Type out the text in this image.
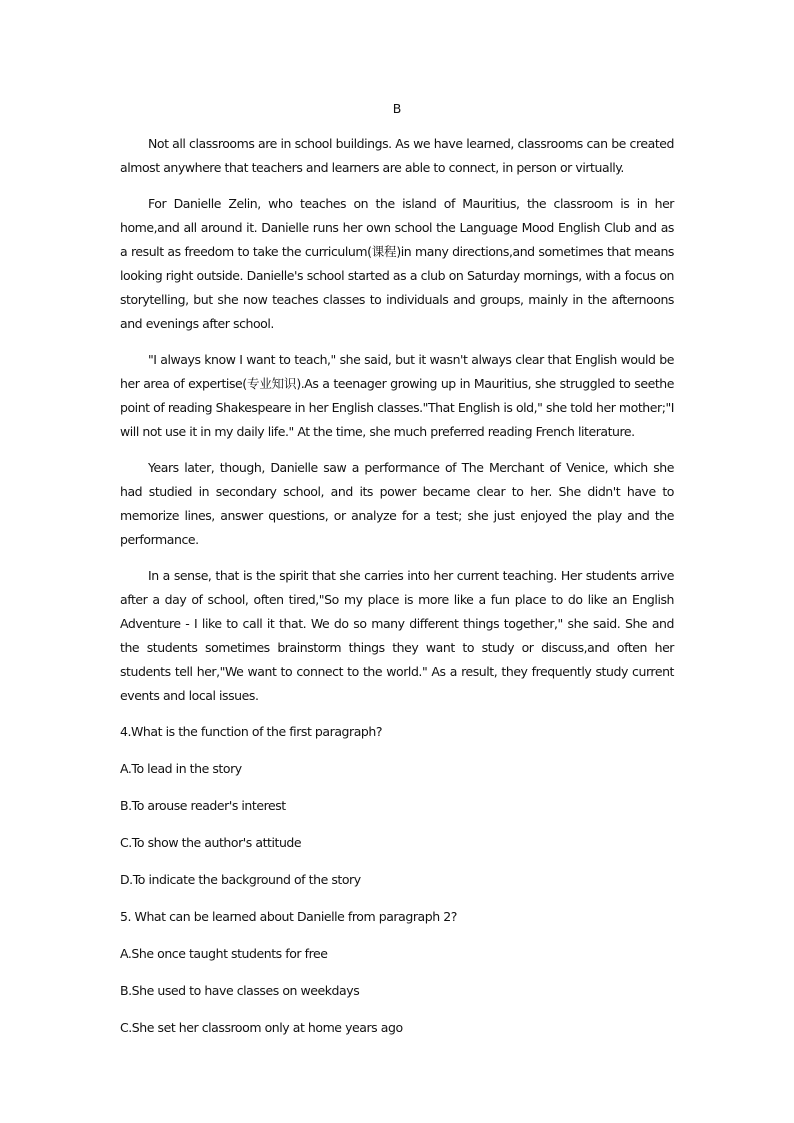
B

Not all classrooms are in school buildings. As we have learned, classrooms can be created almost anywhere that teachers and learners are able to connect, in person or virtually.

For Danielle Zelin, who teaches on the island of Mauritius, the classroom is in her home,and all around it. Danielle runs her own school the Language Mood English Club and as a result as freedom to take the curriculum(课程)in many directions,and sometimes that means looking right outside. Danielle's school started as a club on Saturday mornings, with a focus on storytelling, but she now teaches classes to individuals and groups, mainly in the afternoons and evenings after school.

"I always know I want to teach," she said, but it wasn't always clear that English would be her area of expertise(专业知识).As a teenager growing up in Mauritius, she struggled to seethe point of reading Shakespeare in her English classes."That English is old," she told her mother;"I will not use it in my daily life." At the time, she much preferred reading French literature.

Years later, though, Danielle saw a performance of The Merchant of Venice, which she had studied in secondary school, and its power became clear to her. She didn't have to memorize lines, answer questions, or analyze for a test; she just enjoyed the play and the performance.

In a sense, that is the spirit that she carries into her current teaching. Her students arrive after a day of school, often tired,"So my place is more like a fun place to do like an English Adventure - I like to call it that. We do so many different things together," she said. She and the students sometimes brainstorm things they want to study or discuss,and often her students tell her,"We want to connect to the world." As a result, they frequently study current events and local issues.

4.What is the function of the first paragraph?

A.To lead in the story

B.To arouse reader's interest

C.To show the author's attitude

D.To indicate the background of the story

5. What can be learned about Danielle from paragraph 2?

A.She once taught students for free

B.She used to have classes on weekdays

C.She set her classroom only at home years ago
